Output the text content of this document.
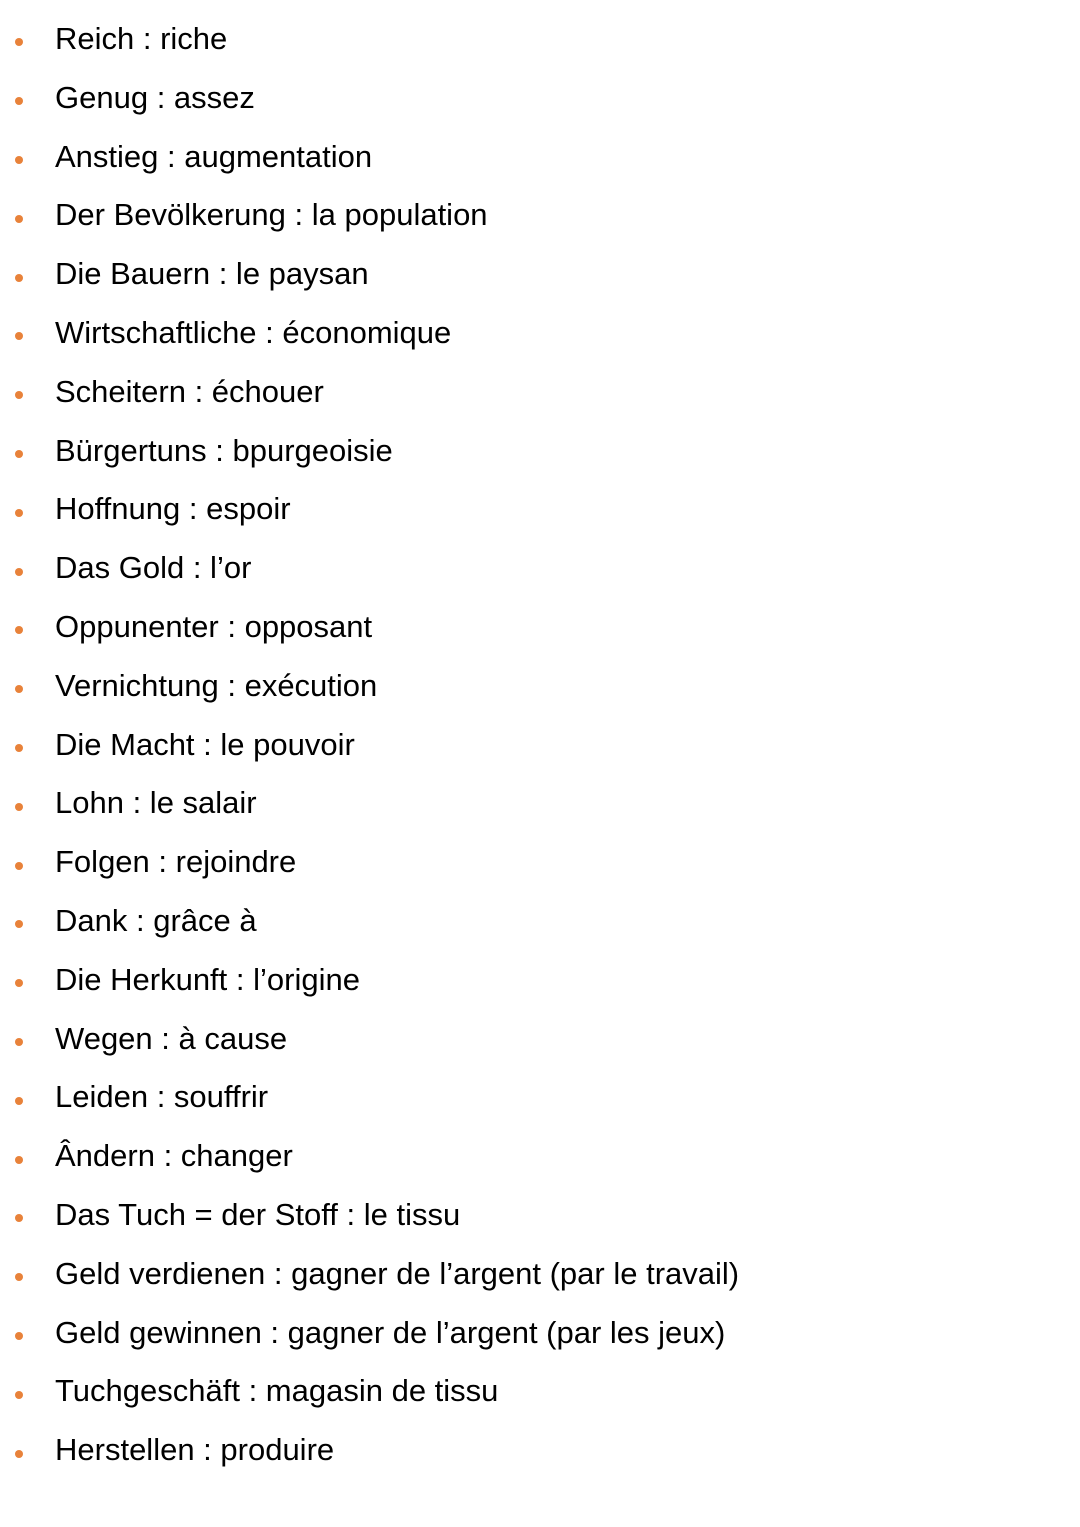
Reich : riche
Genug : assez
Anstieg : augmentation
Der Bevölkerung : la population
Die Bauern : le paysan
Wirtschaftliche : économique
Scheitern : échouer
Bürgertuns : bpurgeoisie
Hoffnung : espoir
Das Gold : l’or
Oppunenter : opposant
Vernichtung : exécution
Die Macht : le pouvoir
Lohn : le salair
Folgen : rejoindre
Dank : grâce à
Die Herkunft : l’origine
Wegen : à cause
Leiden : souffrir
Ândern : changer
Das Tuch = der Stoff : le tissu
Geld verdienen : gagner de l’argent (par le travail)
Geld gewinnen : gagner de l’argent (par les jeux)
Tuchgeschäft : magasin de tissu
Herstellen : produire
